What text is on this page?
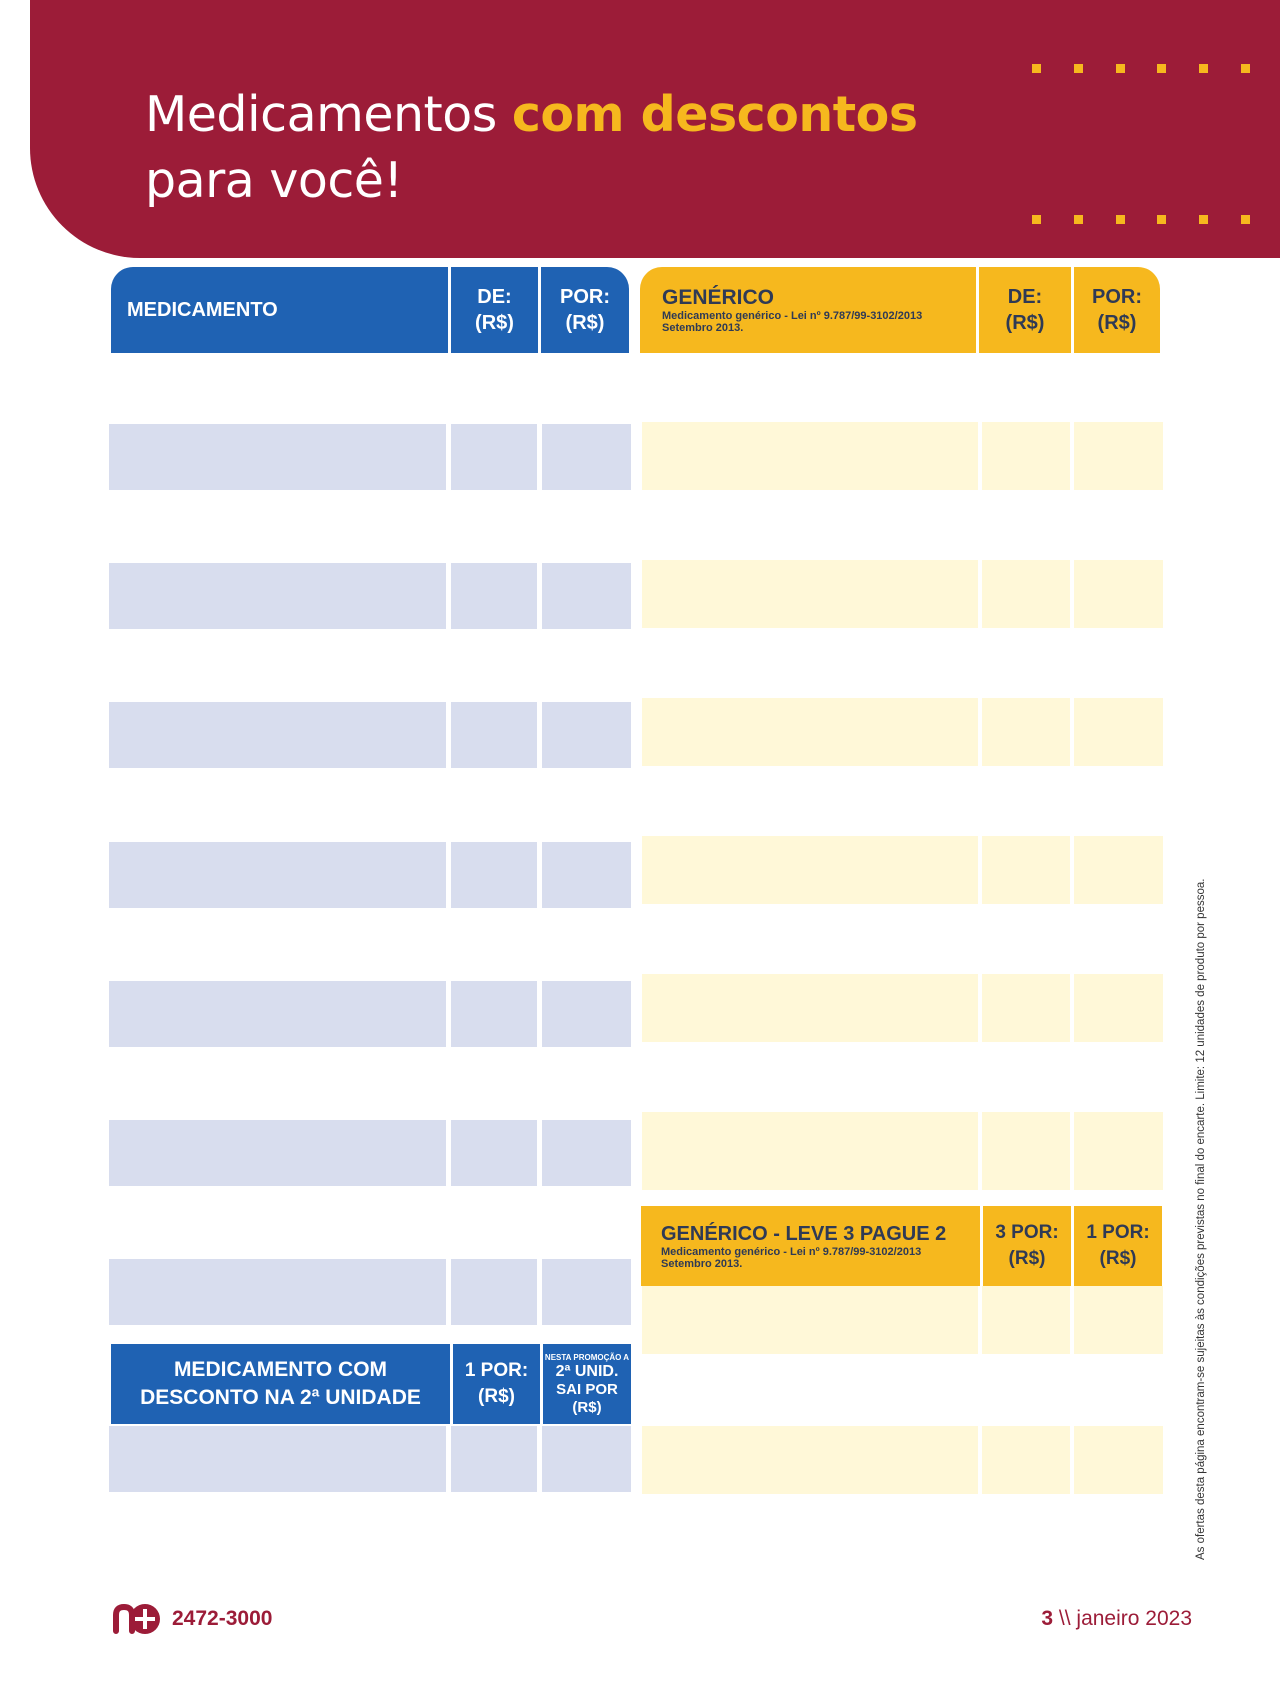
Medicamentos com descontos
para você!
MEDICAMENTO
DE:
(R$)
POR:
(R$)
GENÉRICO
Medicamento genérico - Lei nº 9.787/99-3102/2013
Setembro 2013.
DE:
(R$)
POR:
(R$)
GENÉRICO - LEVE 3 PAGUE 2
Medicamento genérico - Lei nº 9.787/99-3102/2013
Setembro 2013.
3 POR:
(R$)
1 POR:
(R$)
MEDICAMENTO COM
DESCONTO NA 2ª UNIDADE
1 POR:
(R$)
NESTA PROMOÇÃO A
2ª UNID.
SAI POR
(R$)	As ofertas desta página encontram-se sujeitas às condições previstas no final do encarte. Limite: 12 unidades de produto por pessoa.
2472-3000	3 \\ janeiro 2023
